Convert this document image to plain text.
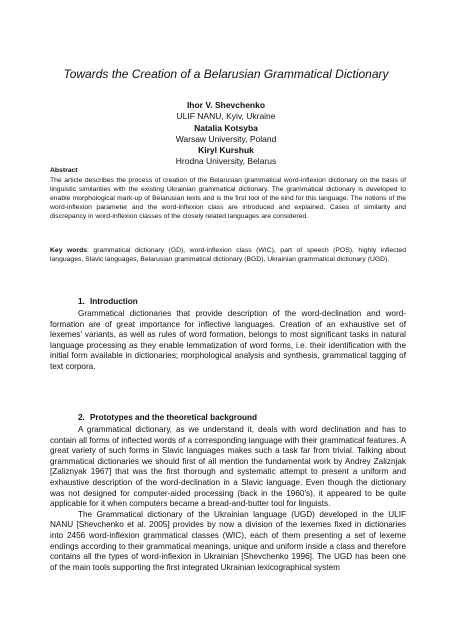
Towards the Creation of a Belarusian Grammatical Dictionary
Ihor V. Shevchenko
ULIF NANU, Kyiv, Ukraine
Natalia Kotsyba
Warsaw University, Poland
Kiryl Kurshuk
Hrodna University, Belarus
Abstract
The article describes the process of creation of the Belarusian grammatical word-inflexion dictionary on the basis of linguistic similarities with the existing Ukrainian grammatical dictionary. The grammatical dictionary is developed to enable morphological mark-up of Belarusian texts and is the first tool of the kind for this language. The notions of the word-inflexion parameter and the word-inflexion class are introduced and explained. Cases of similarity and discrepancy in word-inflexion classes of the closely related languages are considered.
Key words: grammatical dictionary (GD), word-inflexion class (WIC), part of speech (POS), highly inflected languages, Slavic languages, Belarusian grammatical dictionary (BGD), Ukrainian grammatical dictionary (UGD).
1. Introduction

Grammatical dictionaries that provide description of the word-declination and word-formation are of great importance for inflective languages. Creation of an exhaustive set of lexemes' variants, as well as rules of word formation, belongs to most significant tasks in natural language processing as they enable lemmatization of word forms, i.e. their identification with the initial form available in dictionaries; morphological analysis and synthesis, grammatical tagging of text corpora.

2. Prototypes and the theoretical background

A grammatical dictionary, as we understand it, deals with word declination and has to contain all forms of inflected words of a corresponding language with their grammatical features. A great variety of such forms in Slavic languages makes such a task far from trivial. Talking about grammatical dictionaries we should first of all mention the fundamental work by Andrey Zaliznjak [Zaliznyak 1967] that was the first thorough and systematic attempt to present a uniform and exhaustive description of the word-declination in a Slavic language. Even though the dictionary was not designed for computer-aided processing (back in the 1960's), it appeared to be quite applicable for it when computers became a bread-and-butter tool for linguists.

The Grammatical dictionary of the Ukrainian language (UGD) developed in the ULIF NANU [Shevchenko et al. 2005] provides by now a division of the lexemes fixed in dictionaries into 2456 word-inflexion grammatical classes (WIC), each of them presenting a set of lexeme endings according to their grammatical meanings, unique and uniform inside a class and therefore contains all the types of word-inflexion in Ukrainian [Shevchenko 1996]. The UGD has been one of the main tools supporting the first integrated Ukrainian lexicographical system
